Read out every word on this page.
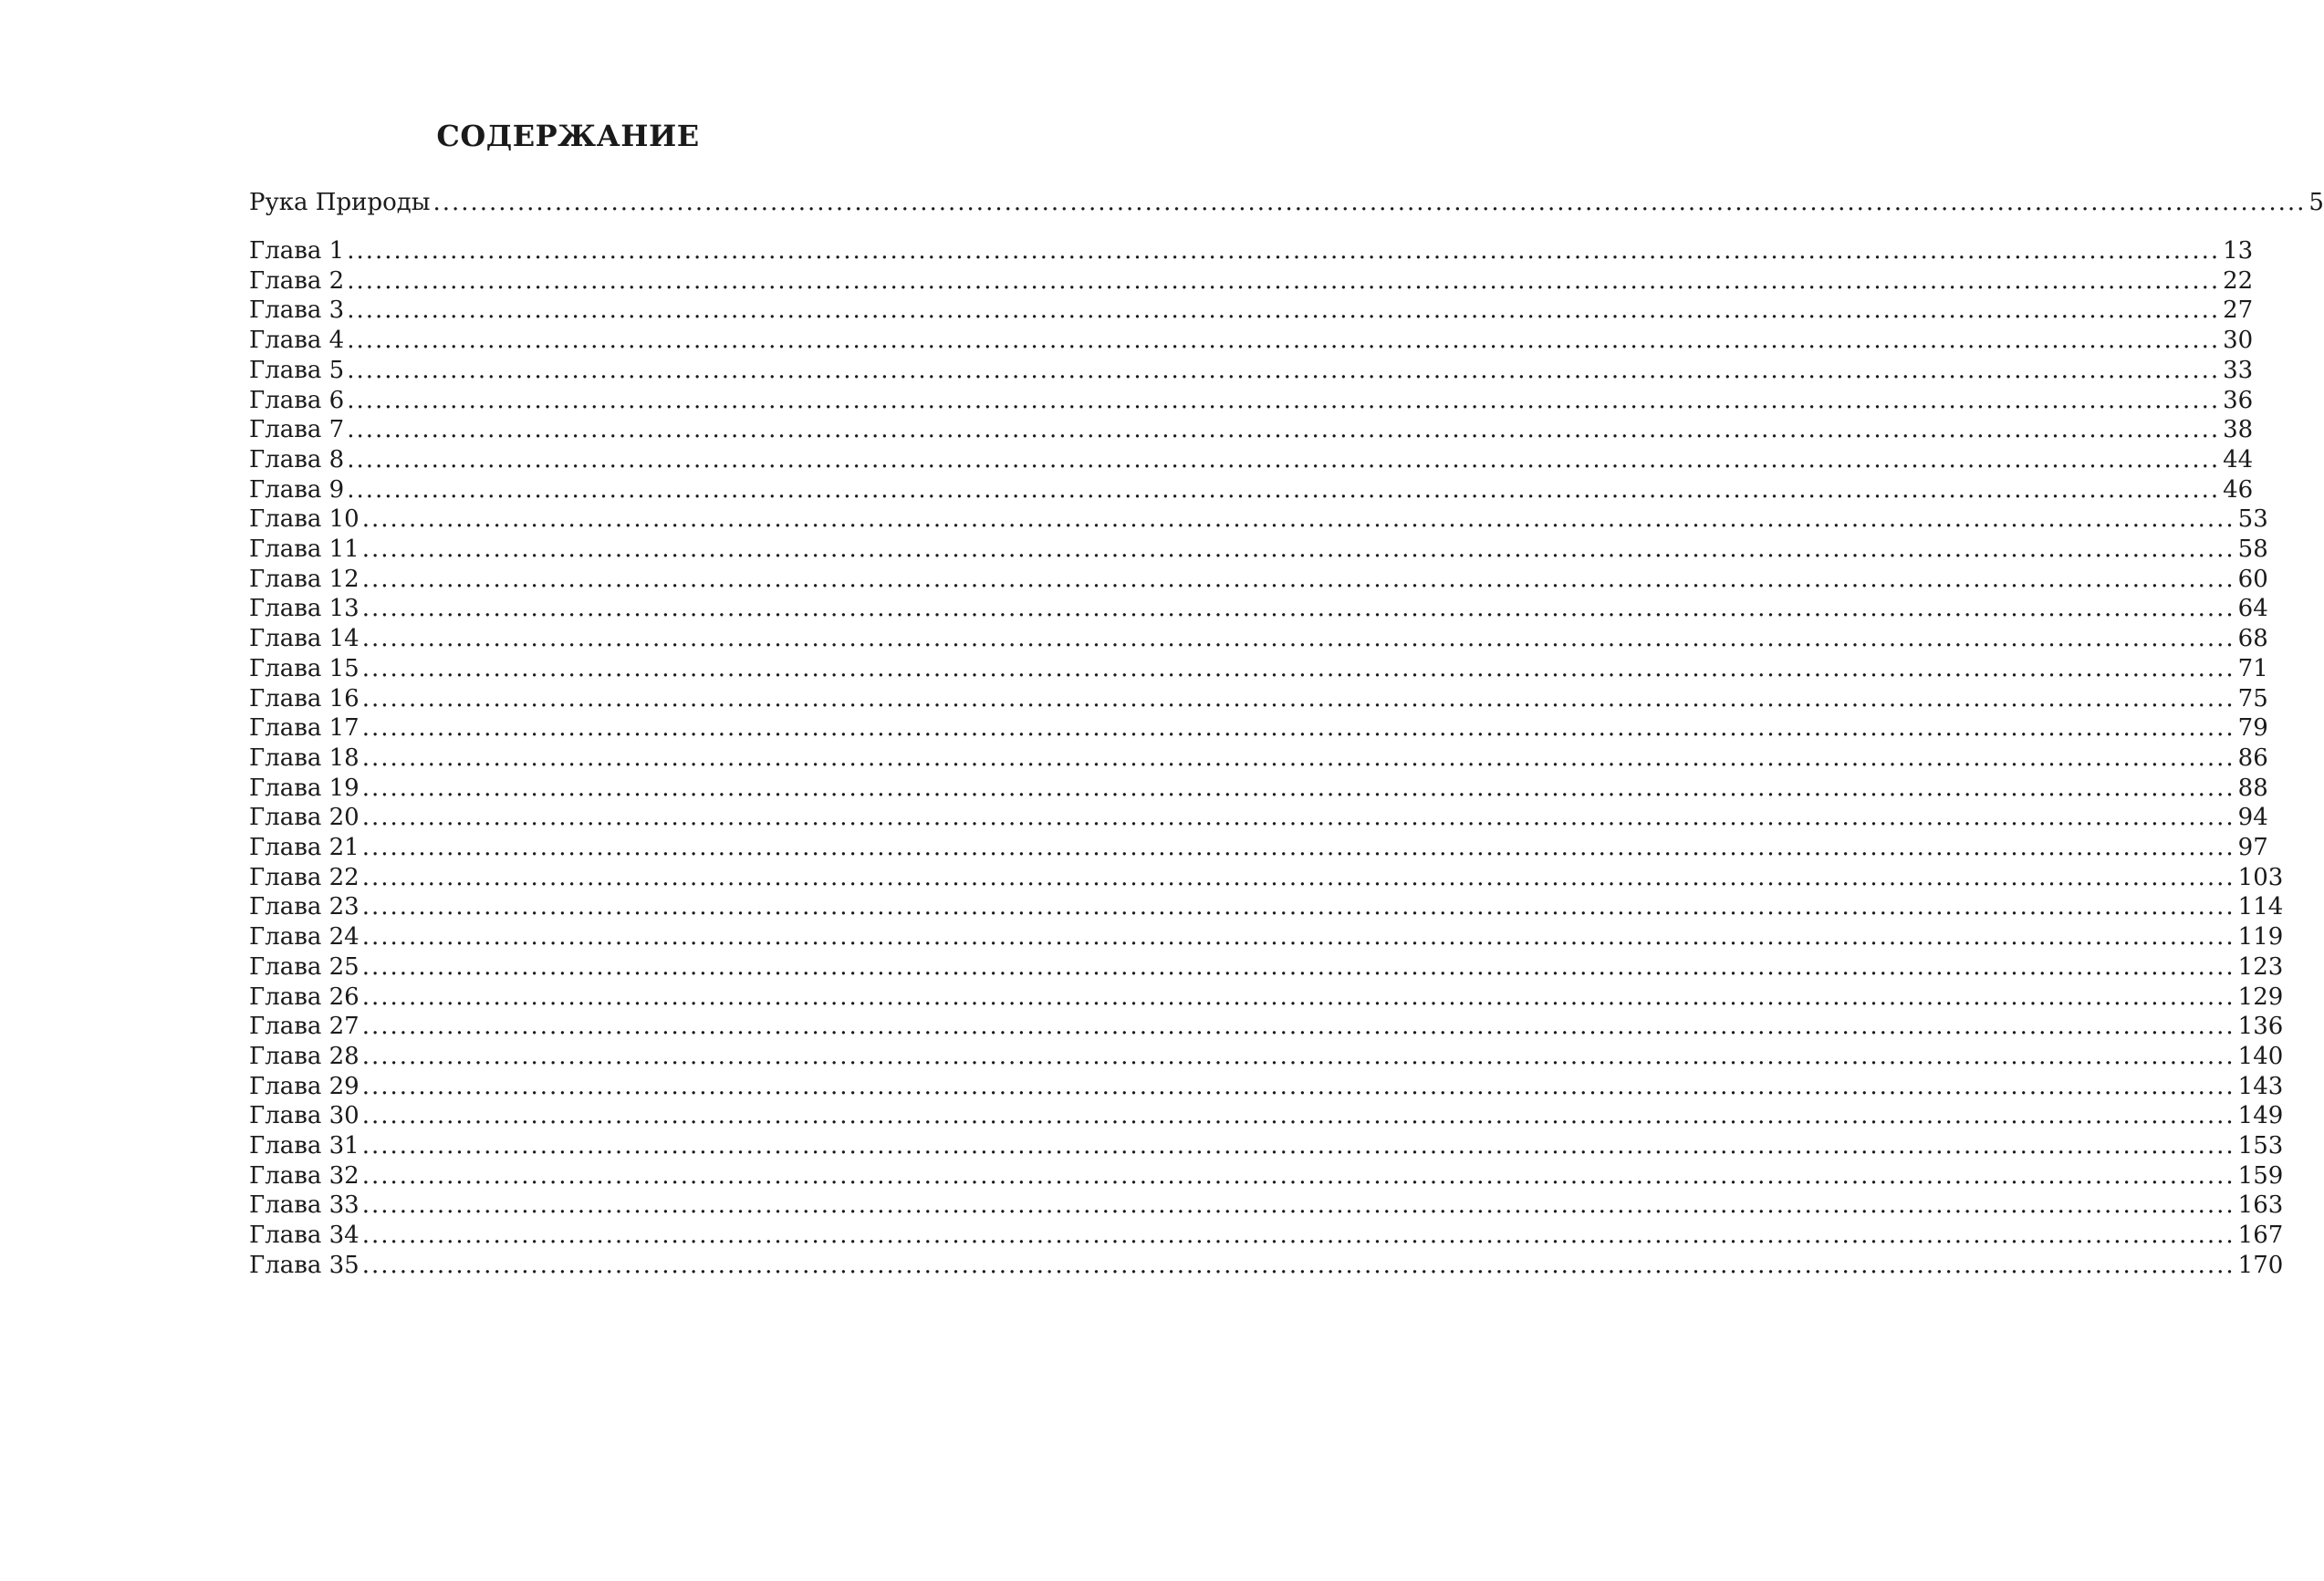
СОДЕРЖАНИЕ
Рука Природы ........................................................................................................................................................................................................ 5
Глава 1 ........................................................................................................................................................................................................ 13
Глава 2 ........................................................................................................................................................................................................ 22
Глава 3 ........................................................................................................................................................................................................ 27
Глава 4 ........................................................................................................................................................................................................ 30
Глава 5 ........................................................................................................................................................................................................ 33
Глава 6 ........................................................................................................................................................................................................ 36
Глава 7 ........................................................................................................................................................................................................ 38
Глава 8 ........................................................................................................................................................................................................ 44
Глава 9 ........................................................................................................................................................................................................ 46
Глава 10 ........................................................................................................................................................................................................ 53
Глава 11 ........................................................................................................................................................................................................ 58
Глава 12 ........................................................................................................................................................................................................ 60
Глава 13 ........................................................................................................................................................................................................ 64
Глава 14 ........................................................................................................................................................................................................ 68
Глава 15 ........................................................................................................................................................................................................ 71
Глава 16 ........................................................................................................................................................................................................ 75
Глава 17 ........................................................................................................................................................................................................ 79
Глава 18 ........................................................................................................................................................................................................ 86
Глава 19 ........................................................................................................................................................................................................ 88
Глава 20 ........................................................................................................................................................................................................ 94
Глава 21 ........................................................................................................................................................................................................ 97
Глава 22 ........................................................................................................................................................................................................ 103
Глава 23 ........................................................................................................................................................................................................ 114
Глава 24 ........................................................................................................................................................................................................ 119
Глава 25 ........................................................................................................................................................................................................ 123
Глава 26 ........................................................................................................................................................................................................ 129
Глава 27 ........................................................................................................................................................................................................ 136
Глава 28 ........................................................................................................................................................................................................ 140
Глава 29 ........................................................................................................................................................................................................ 143
Глава 30 ........................................................................................................................................................................................................ 149
Глава 31 ........................................................................................................................................................................................................ 153
Глава 32 ........................................................................................................................................................................................................ 159
Глава 33 ........................................................................................................................................................................................................ 163
Глава 34 ........................................................................................................................................................................................................ 167
Глава 35 ........................................................................................................................................................................................................ 170
